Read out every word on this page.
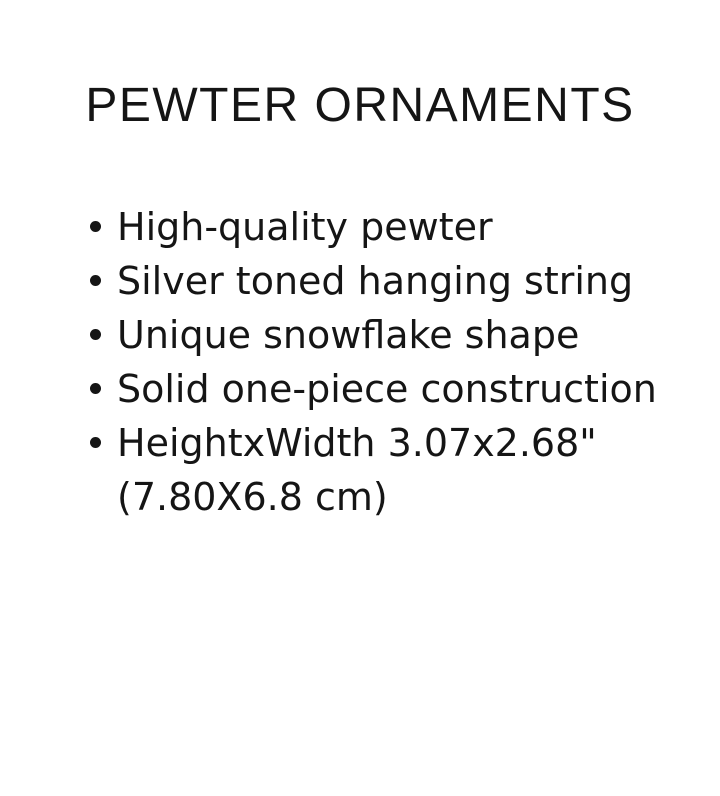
PEWTER ORNAMENTS
High-quality pewter
Silver toned hanging string
Unique snowflake shape
Solid one-piece construction
HeightxWidth 3.07x2.68"
(7.80X6.8 cm)
